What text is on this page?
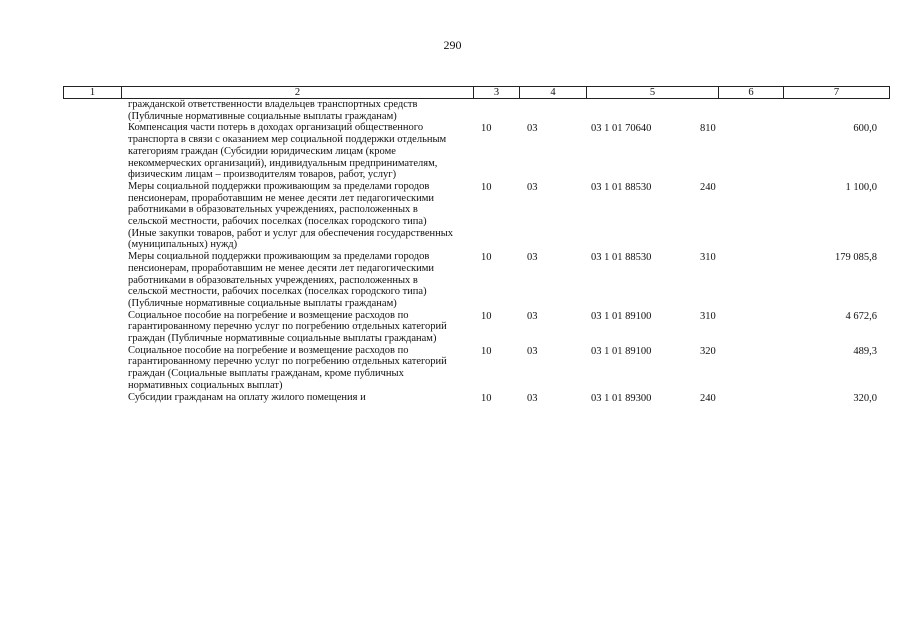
290
1	2	3	4	5	6	7
гражданской ответственности владельцев транспортных средств (Публичные нормативные социальные выплаты гражданам)
Компенсация части потерь в доходах организаций общественного транспорта в связи с оказанием мер социальной поддержки отдельным категориям граждан (Субсидии юридическим лицам (кроме некоммерческих организаций), индивидуальным предпринимателям, физическим лицам – производителям товаров, работ, услуг)
10	03	03 1 01 70640	810	600,0
Меры социальной поддержки проживающим за пределами городов пенсионерам, проработавшим не менее десяти лет педагогическими работниками в образовательных учреждениях, расположенных в сельской местности, рабочих поселках (поселках городского типа) (Иные закупки товаров, работ и услуг для обеспечения государственных (муниципальных) нужд)
10	03	03 1 01 88530	240	1 100,0
Меры социальной поддержки проживающим за пределами городов пенсионерам, проработавшим не менее десяти лет педагогическими работниками в образовательных учреждениях, расположенных в сельской местности, рабочих поселках (поселках городского типа) (Публичные нормативные социальные выплаты гражданам)
10	03	03 1 01 88530	310	179 085,8
Социальное пособие на погребение и возмещение расходов по гарантированному перечню услуг по погребению отдельных категорий граждан (Публичные нормативные социальные выплаты гражданам)
10	03	03 1 01 89100	310	4 672,6
Социальное пособие на погребение и возмещение расходов по гарантированному перечню услуг по погребению отдельных категорий граждан (Социальные выплаты гражданам, кроме публичных нормативных социальных выплат)
10	03	03 1 01 89100	320	489,3
Субсидии гражданам на оплату жилого помещения и	10	03	03 1 01 89300	240	320,0
